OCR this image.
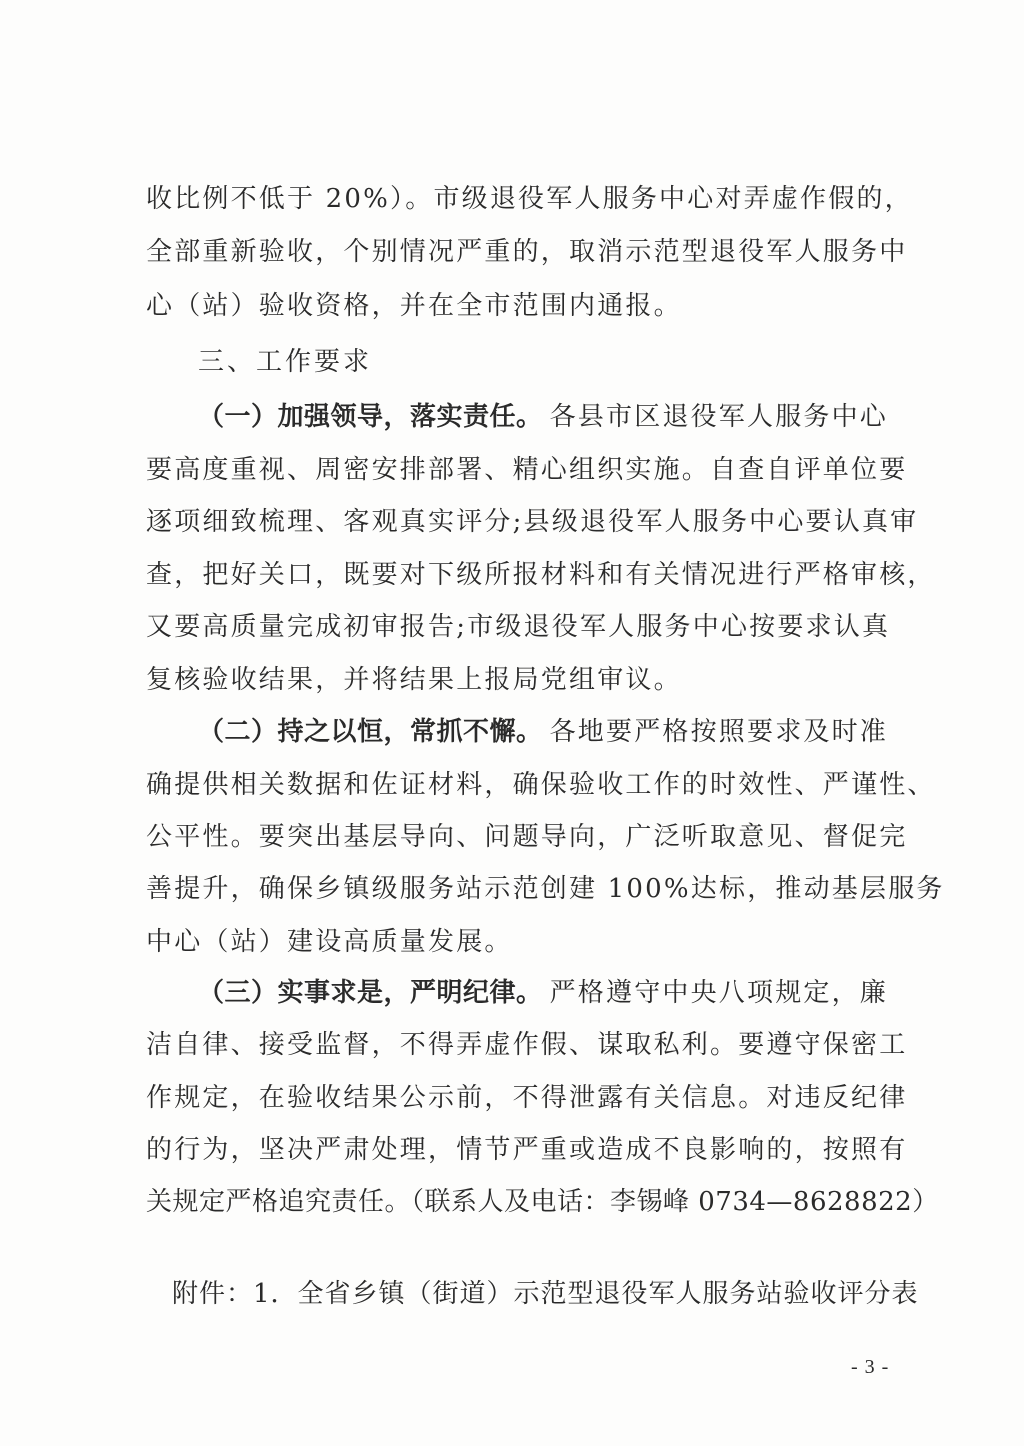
收比例不低于 20%）。市级退役军人服务中心对弄虚作假的，
全部重新验收，个别情况严重的，取消示范型退役军人服务中
心（站）验收资格，并在全市范围内通报。
三、工作要求
（一）加强领导，落实责任。 各县市区退役军人服务中心
要高度重视、周密安排部署、精心组织实施。自查自评单位要
逐项细致梳理、客观真实评分;县级退役军人服务中心要认真审
查，把好关口，既要对下级所报材料和有关情况进行严格审核，
又要高质量完成初审报告;市级退役军人服务中心按要求认真
复核验收结果，并将结果上报局党组审议。
（二）持之以恒，常抓不懈。 各地要严格按照要求及时准
确提供相关数据和佐证材料，确保验收工作的时效性、严谨性、
公平性。要突出基层导向、问题导向，广泛听取意见、督促完
善提升，确保乡镇级服务站示范创建 100%达标，推动基层服务
中心（站）建设高质量发展。
（三）实事求是，严明纪律。 严格遵守中央八项规定，廉
洁自律、接受监督，不得弄虚作假、谋取私利。要遵守保密工
作规定，在验收结果公示前，不得泄露有关信息。对违反纪律
的行为，坚决严肃处理，情节严重或造成不良影响的，按照有
关规定严格追究责任。（联系人及电话：李锡峰 0734—8628822）
附件：1．全省乡镇（街道）示范型退役军人服务站验收评分表
- 3 -
